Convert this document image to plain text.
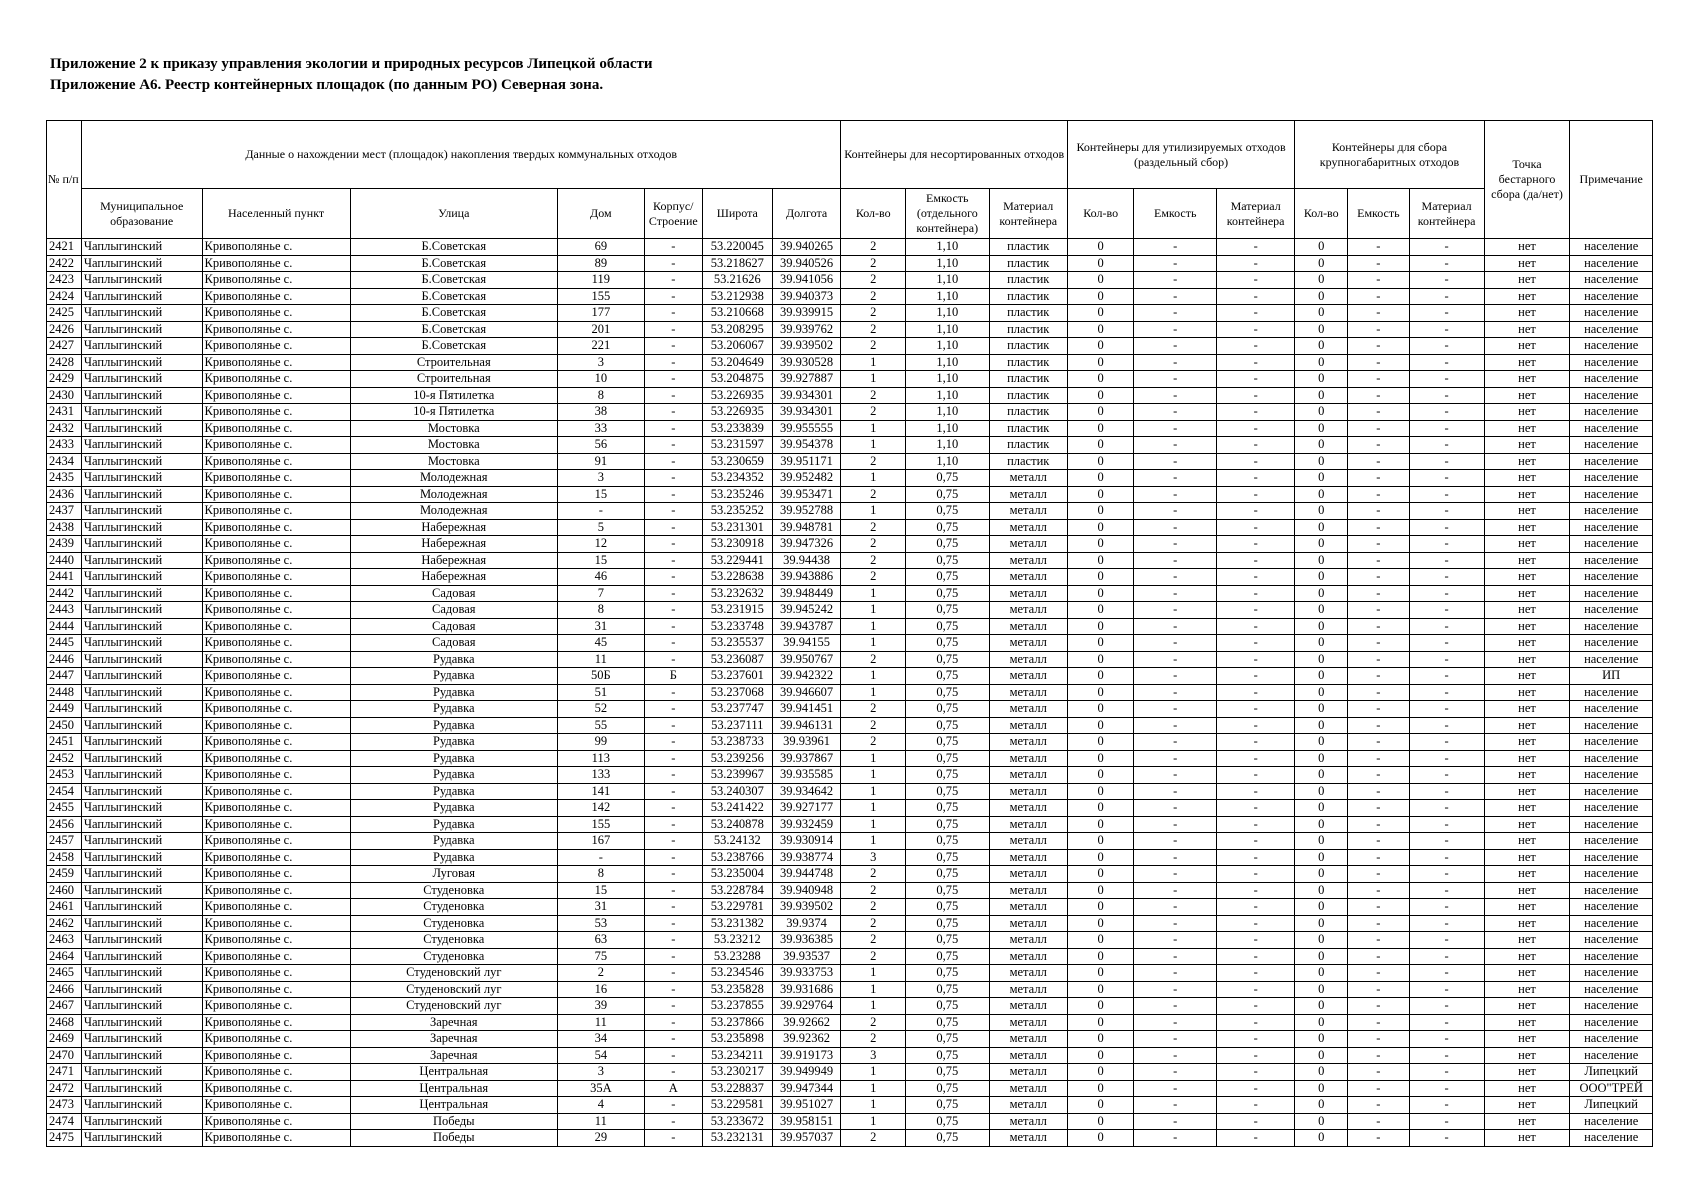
Приложение 2 к приказу управления экологии и природных ресурсов Липецкой области
Приложение А6. Реестр контейнерных площадок (по данным РО) Северная зона.
№ п/п	Данные о нахождении мест (площадок) накопления твердых коммунальных отходов							Контейнеры для несортированных отходов			Контейнеры для утилизируемых отходов (раздельный сбор)			Контейнеры для сбора крупногабаритных отходов			Точка бестарного сбора (да/нет)	Примечание
	Муниципальное образование	Населенный пункт	Улица	Дом	Корпус/ Строение	Широта	Долгота	Кол-во	Емкость (отдельного контейнера)	Материал контейнера	Кол-во	Емкость	Материал контейнера	Кол-во	Емкость	Материал контейнера		
2421	Чаплыгинский	Кривополянье с.	Б.Советская	69	-	53.220045	39.940265	2	1,10	пластик	0	-	-	0	-	-	нет	население
2422	Чаплыгинский	Кривополянье с.	Б.Советская	89	-	53.218627	39.940526	2	1,10	пластик	0	-	-	0	-	-	нет	население
2423	Чаплыгинский	Кривополянье с.	Б.Советская	119	-	53.21626	39.941056	2	1,10	пластик	0	-	-	0	-	-	нет	население
2424	Чаплыгинский	Кривополянье с.	Б.Советская	155	-	53.212938	39.940373	2	1,10	пластик	0	-	-	0	-	-	нет	население
2425	Чаплыгинский	Кривополянье с.	Б.Советская	177	-	53.210668	39.939915	2	1,10	пластик	0	-	-	0	-	-	нет	население
2426	Чаплыгинский	Кривополянье с.	Б.Советская	201	-	53.208295	39.939762	2	1,10	пластик	0	-	-	0	-	-	нет	население
2427	Чаплыгинский	Кривополянье с.	Б.Советская	221	-	53.206067	39.939502	2	1,10	пластик	0	-	-	0	-	-	нет	население
2428	Чаплыгинский	Кривополянье с.	Строительная	3	-	53.204649	39.930528	1	1,10	пластик	0	-	-	0	-	-	нет	население
2429	Чаплыгинский	Кривополянье с.	Строительная	10	-	53.204875	39.927887	1	1,10	пластик	0	-	-	0	-	-	нет	население
2430	Чаплыгинский	Кривополянье с.	10-я Пятилетка	8	-	53.226935	39.934301	2	1,10	пластик	0	-	-	0	-	-	нет	население
2431	Чаплыгинский	Кривополянье с.	10-я Пятилетка	38	-	53.226935	39.934301	2	1,10	пластик	0	-	-	0	-	-	нет	население
2432	Чаплыгинский	Кривополянье с.	Мостовка	33	-	53.233839	39.955555	1	1,10	пластик	0	-	-	0	-	-	нет	население
2433	Чаплыгинский	Кривополянье с.	Мостовка	56	-	53.231597	39.954378	1	1,10	пластик	0	-	-	0	-	-	нет	население
2434	Чаплыгинский	Кривополянье с.	Мостовка	91	-	53.230659	39.951171	2	1,10	пластик	0	-	-	0	-	-	нет	население
2435	Чаплыгинский	Кривополянье с.	Молодежная	3	-	53.234352	39.952482	1	0,75	металл	0	-	-	0	-	-	нет	население
2436	Чаплыгинский	Кривополянье с.	Молодежная	15	-	53.235246	39.953471	2	0,75	металл	0	-	-	0	-	-	нет	население
2437	Чаплыгинский	Кривополянье с.	Молодежная	-	-	53.235252	39.952788	1	0,75	металл	0	-	-	0	-	-	нет	население
2438	Чаплыгинский	Кривополянье с.	Набережная	5	-	53.231301	39.948781	2	0,75	металл	0	-	-	0	-	-	нет	население
2439	Чаплыгинский	Кривополянье с.	Набережная	12	-	53.230918	39.947326	2	0,75	металл	0	-	-	0	-	-	нет	население
2440	Чаплыгинский	Кривополянье с.	Набережная	15	-	53.229441	39.94438	2	0,75	металл	0	-	-	0	-	-	нет	население
2441	Чаплыгинский	Кривополянье с.	Набережная	46	-	53.228638	39.943886	2	0,75	металл	0	-	-	0	-	-	нет	население
2442	Чаплыгинский	Кривополянье с.	Садовая	7	-	53.232632	39.948449	1	0,75	металл	0	-	-	0	-	-	нет	население
2443	Чаплыгинский	Кривополянье с.	Садовая	8	-	53.231915	39.945242	1	0,75	металл	0	-	-	0	-	-	нет	население
2444	Чаплыгинский	Кривополянье с.	Садовая	31	-	53.233748	39.943787	1	0,75	металл	0	-	-	0	-	-	нет	население
2445	Чаплыгинский	Кривополянье с.	Садовая	45	-	53.235537	39.94155	1	0,75	металл	0	-	-	0	-	-	нет	население
2446	Чаплыгинский	Кривополянье с.	Рудавка	11	-	53.236087	39.950767	2	0,75	металл	0	-	-	0	-	-	нет	население
2447	Чаплыгинский	Кривополянье с.	Рудавка	50Б	Б	53.237601	39.942322	1	0,75	металл	0	-	-	0	-	-	нет	ИП
2448	Чаплыгинский	Кривополянье с.	Рудавка	51	-	53.237068	39.946607	1	0,75	металл	0	-	-	0	-	-	нет	население
2449	Чаплыгинский	Кривополянье с.	Рудавка	52	-	53.237747	39.941451	2	0,75	металл	0	-	-	0	-	-	нет	население
2450	Чаплыгинский	Кривополянье с.	Рудавка	55	-	53.237111	39.946131	2	0,75	металл	0	-	-	0	-	-	нет	население
2451	Чаплыгинский	Кривополянье с.	Рудавка	99	-	53.238733	39.93961	2	0,75	металл	0	-	-	0	-	-	нет	население
2452	Чаплыгинский	Кривополянье с.	Рудавка	113	-	53.239256	39.937867	1	0,75	металл	0	-	-	0	-	-	нет	население
2453	Чаплыгинский	Кривополянье с.	Рудавка	133	-	53.239967	39.935585	1	0,75	металл	0	-	-	0	-	-	нет	население
2454	Чаплыгинский	Кривополянье с.	Рудавка	141	-	53.240307	39.934642	1	0,75	металл	0	-	-	0	-	-	нет	население
2455	Чаплыгинский	Кривополянье с.	Рудавка	142	-	53.241422	39.927177	1	0,75	металл	0	-	-	0	-	-	нет	население
2456	Чаплыгинский	Кривополянье с.	Рудавка	155	-	53.240878	39.932459	1	0,75	металл	0	-	-	0	-	-	нет	население
2457	Чаплыгинский	Кривополянье с.	Рудавка	167	-	53.24132	39.930914	1	0,75	металл	0	-	-	0	-	-	нет	население
2458	Чаплыгинский	Кривополянье с.	Рудавка	-	-	53.238766	39.938774	3	0,75	металл	0	-	-	0	-	-	нет	население
2459	Чаплыгинский	Кривополянье с.	Луговая	8	-	53.235004	39.944748	2	0,75	металл	0	-	-	0	-	-	нет	население
2460	Чаплыгинский	Кривополянье с.	Студеновка	15	-	53.228784	39.940948	2	0,75	металл	0	-	-	0	-	-	нет	население
2461	Чаплыгинский	Кривополянье с.	Студеновка	31	-	53.229781	39.939502	2	0,75	металл	0	-	-	0	-	-	нет	население
2462	Чаплыгинский	Кривополянье с.	Студеновка	53	-	53.231382	39.9374	2	0,75	металл	0	-	-	0	-	-	нет	население
2463	Чаплыгинский	Кривополянье с.	Студеновка	63	-	53.23212	39.936385	2	0,75	металл	0	-	-	0	-	-	нет	население
2464	Чаплыгинский	Кривополянье с.	Студеновка	75	-	53.23288	39.93537	2	0,75	металл	0	-	-	0	-	-	нет	население
2465	Чаплыгинский	Кривополянье с.	Студеновский луг	2	-	53.234546	39.933753	1	0,75	металл	0	-	-	0	-	-	нет	население
2466	Чаплыгинский	Кривополянье с.	Студеновский луг	16	-	53.235828	39.931686	1	0,75	металл	0	-	-	0	-	-	нет	население
2467	Чаплыгинский	Кривополянье с.	Студеновский луг	39	-	53.237855	39.929764	1	0,75	металл	0	-	-	0	-	-	нет	население
2468	Чаплыгинский	Кривополянье с.	Заречная	11	-	53.237866	39.92662	2	0,75	металл	0	-	-	0	-	-	нет	население
2469	Чаплыгинский	Кривополянье с.	Заречная	34	-	53.235898	39.92362	2	0,75	металл	0	-	-	0	-	-	нет	население
2470	Чаплыгинский	Кривополянье с.	Заречная	54	-	53.234211	39.919173	3	0,75	металл	0	-	-	0	-	-	нет	население
2471	Чаплыгинский	Кривополянье с.	Центральная	3	-	53.230217	39.949949	1	0,75	металл	0	-	-	0	-	-	нет	Липецкий
2472	Чаплыгинский	Кривополянье с.	Центральная	35А	А	53.228837	39.947344	1	0,75	металл	0	-	-	0	-	-	нет	ООО"ТРЕЙ
2473	Чаплыгинский	Кривополянье с.	Центральная	4	-	53.229581	39.951027	1	0,75	металл	0	-	-	0	-	-	нет	Липецкий
2474	Чаплыгинский	Кривополянье с.	Победы	11	-	53.233672	39.958151	1	0,75	металл	0	-	-	0	-	-	нет	население
2475	Чаплыгинский	Кривополянье с.	Победы	29	-	53.232131	39.957037	2	0,75	металл	0	-	-	0	-	-	нет	население
